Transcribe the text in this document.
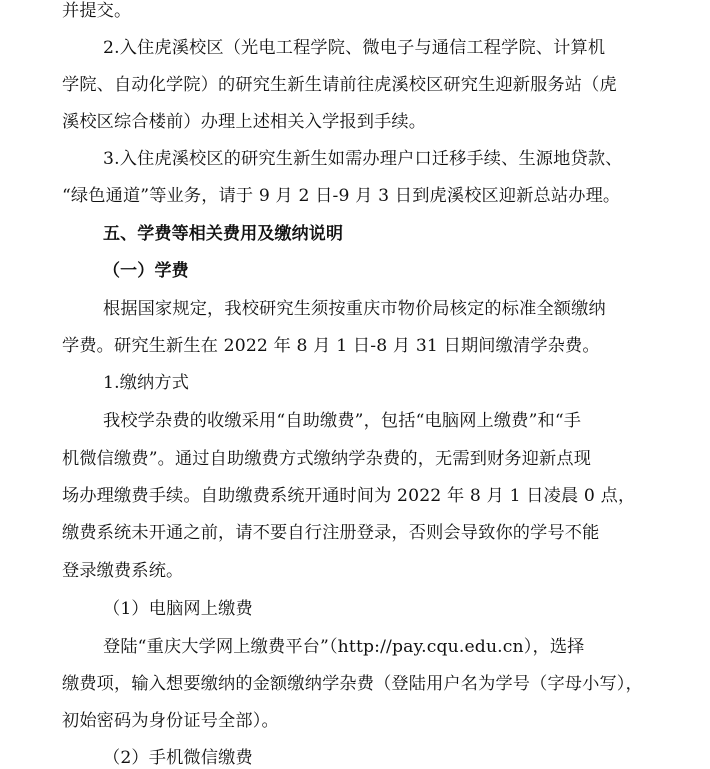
并提交。
2.入住虎溪校区（光电工程学院、微电子与通信工程学院、计算机
学院、自动化学院）的研究生新生请前往虎溪校区研究生迎新服务站（虎
溪校区综合楼前）办理上述相关入学报到手续。
3.入住虎溪校区的研究生新生如需办理户口迁移手续、生源地贷款、
“绿色通道”等业务，请于 9 月 2 日-9 月 3 日到虎溪校区迎新总站办理。
五、学费等相关费用及缴纳说明
（一）学费
根据国家规定，我校研究生须按重庆市物价局核定的标准全额缴纳
学费。研究生新生在 2022 年 8 月 1 日-8 月 31 日期间缴清学杂费。
1.缴纳方式
我校学杂费的收缴采用“自助缴费”，包括“电脑网上缴费”和“手
机微信缴费”。通过自助缴费方式缴纳学杂费的，无需到财务迎新点现
场办理缴费手续。自助缴费系统开通时间为 2022 年 8 月 1 日凌晨 0 点，
缴费系统未开通之前，请不要自行注册登录，否则会导致你的学号不能
登录缴费系统。
（1）电脑网上缴费
登陆“重庆大学网上缴费平台”（http://pay.cqu.edu.cn），选择
缴费项，输入想要缴纳的金额缴纳学杂费（登陆用户名为学号（字母小写），
初始密码为身份证号全部）。
（2）手机微信缴费
